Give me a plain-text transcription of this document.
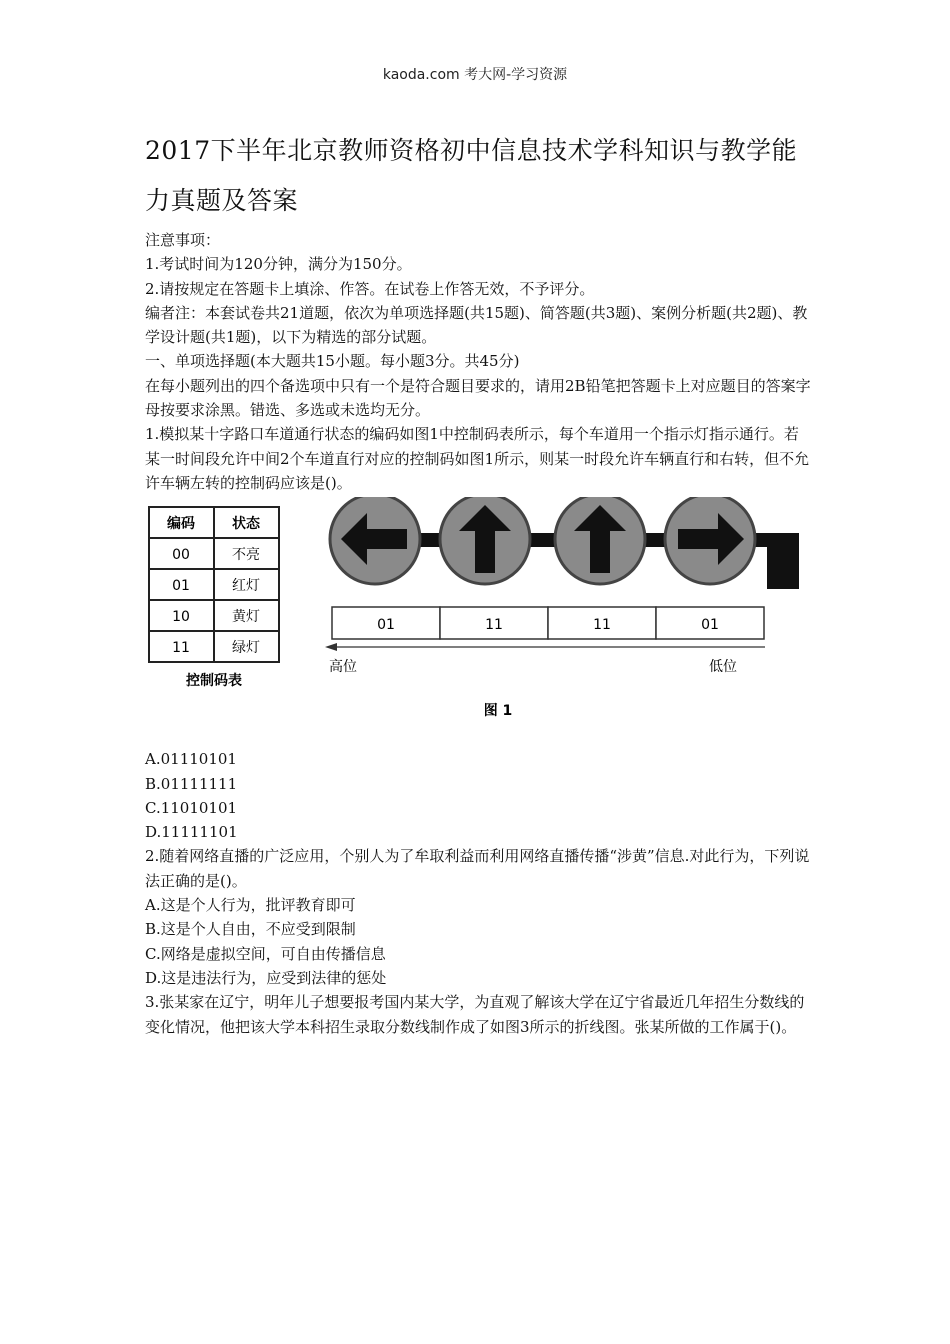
kaoda.com 考大网-学习资源
2017下半年北京教师资格初中信息技术学科知识与教学能
力真题及答案

注意事项：

1.考试时间为120分钟，满分为150分。

2.请按规定在答题卡上填涂、作答。在试卷上作答无效，不予评分。

编者注：本套试卷共21道题，依次为单项选择题(共15题)、简答题(共3题)、案例分析题(共2题)、教学设计题(共1题)，以下为精选的部分试题。

一、单项选择题(本大题共15小题。每小题3分。共45分)

在每小题列出的四个备选项中只有一个是符合题目要求的，请用2B铅笔把答题卡上对应题目的答案字母按要求涂黑。错选、多选或未选均无分。

1.模拟某十字路口车道通行状态的编码如图1中控制码表所示，每个车道用一个指示灯指示通行。若某一时间段允许中间2个车道直行对应的控制码如图1所示，则某一时段允许车辆直行和右转，但不允许车辆左转的控制码应该是()。

编码	状态
00	不亮
01	红灯
10	黄灯
11	绿灯
控制码表
01	11	11	01
高位	低位
图 1

A.01110101

B.01111111

C.11010101

D.11111101

2.随着网络直播的广泛应用，个别人为了牟取利益而利用网络直播传播“涉黄”信息.对此行为，下列说法正确的是()。

A.这是个人行为，批评教育即可

B.这是个人自由，不应受到限制

C.网络是虚拟空间，可自由传播信息

D.这是违法行为，应受到法律的惩处

3.张某家在辽宁，明年儿子想要报考国内某大学，为直观了解该大学在辽宁省最近几年招生分数线的变化情况，他把该大学本科招生录取分数线制作成了如图3所示的折线图。张某所做的工作属于()。
